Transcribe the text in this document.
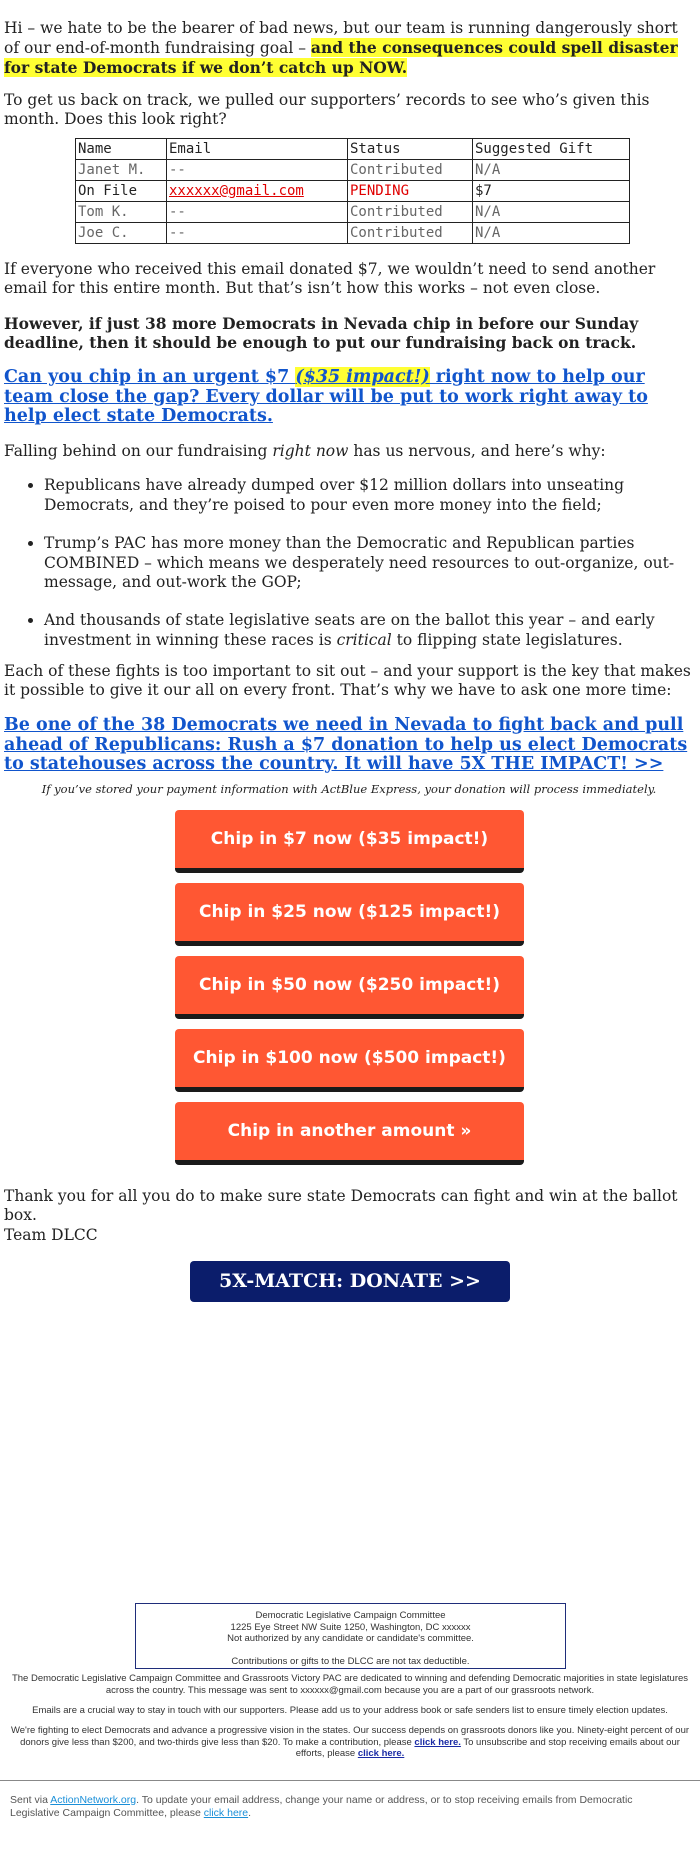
Hi – we hate to be the bearer of bad news, but our team is running dangerously short of our end-of-month fundraising goal – and the consequences could spell disaster for state Democrats if we don’t catch up NOW.

To get us back on track, we pulled our supporters’ records to see who’s given this month. Does this look right?

Name	Email	Status	Suggested Gift
Janet M.	--	Contributed	N/A
On File	xxxxxx@gmail.com	PENDING	$7
Tom K.	--	Contributed	N/A
Joe C.	--	Contributed	N/A

If everyone who received this email donated $7, we wouldn’t need to send another email for this entire month. But that’s isn’t how this works – not even close.

However, if just 38 more Democrats in Nevada chip in before our Sunday deadline, then it should be enough to put our fundraising back on track.

Can you chip in an urgent $7 ($35 impact!) right now to help our team close the gap? Every dollar will be put to work right away to help elect state Democrats.

Falling behind on our fundraising right now has us nervous, and here’s why:

• Republicans have already dumped over $12 million dollars into unseating Democrats, and they’re poised to pour even more money into the field;
• Trump’s PAC has more money than the Democratic and Republican parties COMBINED – which means we desperately need resources to out-organize, out-message, and out-work the GOP;
• And thousands of state legislative seats are on the ballot this year – and early investment in winning these races is critical to flipping state legislatures.

Each of these fights is too important to sit out – and your support is the key that makes it possible to give it our all on every front. That’s why we have to ask one more time:

Be one of the 38 Democrats we need in Nevada to fight back and pull ahead of Republicans: Rush a $7 donation to help us elect Democrats to statehouses across the country. It will have 5X THE IMPACT! >>

If you’ve stored your payment information with ActBlue Express, your donation will process immediately.

Chip in $7 now ($35 impact!)
Chip in $25 now ($125 impact!)
Chip in $50 now ($250 impact!)
Chip in $100 now ($500 impact!)
Chip in another amount »

Thank you for all you do to make sure state Democrats can fight and win at the ballot box.

Team DLCC

5X-MATCH: DONATE >>
Democratic Legislative Campaign Committee
1225 Eye Street NW Suite 1250, Washington, DC xxxxxx
Not authorized by any candidate or candidate's committee.
Contributions or gifts to the DLCC are not tax deductible.

The Democratic Legislative Campaign Committee and Grassroots Victory PAC are dedicated to winning and defending Democratic majorities in state legislatures across the country. This message was sent to xxxxxx@gmail.com because you are a part of our grassroots network.

Emails are a crucial way to stay in touch with our supporters. Please add us to your address book or safe senders list to ensure timely election updates.

We're fighting to elect Democrats and advance a progressive vision in the states. Our success depends on grassroots donors like you. Ninety-eight percent of our donors give less than $200, and two-thirds give less than $20. To make a contribution, please click here. To unsubscribe and stop receiving emails about our efforts, please click here.

Sent via ActionNetwork.org. To update your email address, change your name or address, or to stop receiving emails from Democratic Legislative Campaign Committee, please click here.
